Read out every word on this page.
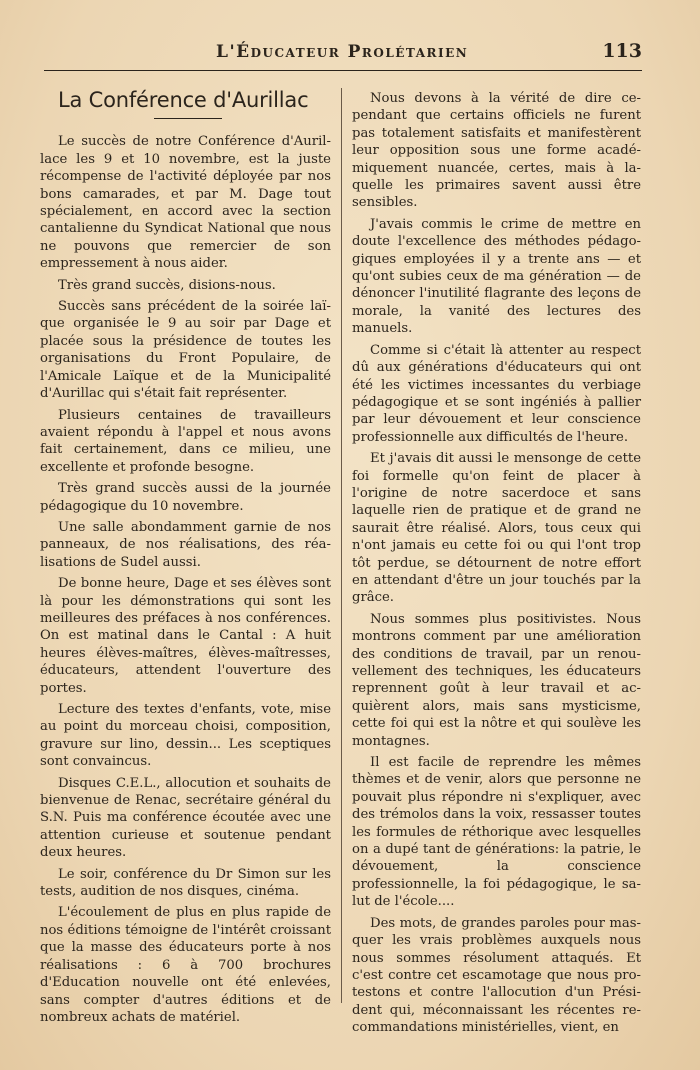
L'Éducateur Prolétarien	113
La Conférence d'Aurillac

Le succès de notre Conférence d'Aurillace les 9 et 10 novembre, est la juste récompense de l'activité déployée par nos bons camarades, et par M. Dage tout spécialement, en accord avec la section cantalienne du Syndicat National que nous ne pouvons que remercier de son empressement à nous aider.

Très grand succès, disions-nous.

Succès sans précédent de la soirée laïque organisée le 9 au soir par Dage et placée sous la présidence de toutes les organisations du Front Populaire, de l'Amicale Laïque et de la Municipalité d'Aurillac qui s'était fait représenter.

Plusieurs centaines de travailleurs avaient répondu à l'appel et nous avons fait certainement, dans ce milieu, une excellente et profonde besogne.

Très grand succès aussi de la journée pédagogique du 10 novembre.

Une salle abondamment garnie de nos panneaux, de nos réalisations, des réalisations de Sudel aussi.

De bonne heure, Dage et ses élèves sont là pour les démonstrations qui sont les meilleures des préfaces à nos conférences. On est matinal dans le Cantal : A huit heures élèves-maîtres, élèves-maîtresses, éducateurs, attendent l'ouverture des portes.

Lecture des textes d'enfants, vote, mise au point du morceau choisi, composition, gravure sur lino, dessin... Les sceptiques sont convaincus.

Disques C.E.L., allocution et souhaits de bienvenue de Renac, secrétaire général du S.N. Puis ma conférence écoutée avec une attention curieuse et soutenue pendant deux heures.

Le soir, conférence du Dr Simon sur les tests, audition de nos disques, cinéma.

L'écoulement de plus en plus rapide de nos éditions témoigne de l'intérêt croissant que la masse des éducateurs porte à nos réalisations : 6 à 700 brochures d'Education nouvelle ont été enlevées, sans compter d'autres éditions et de nombreux achats de matériel.

Nous devons à la vérité de dire cependant que certains officiels ne furent pas totalement satisfaits et manifestèrent leur opposition sous une forme académiquement nuancée, certes, mais à laquelle les primaires savent aussi être sensibles.

J'avais commis le crime de mettre en doute l'excellence des méthodes pédagogiques employées il y a trente ans — et qu'ont subies ceux de ma génération — de dénoncer l'inutilité flagrante des leçons de morale, la vanité des lectures des manuels.

Comme si c'était là attenter au respect dû aux générations d'éducateurs qui ont été les victimes incessantes du verbiage pédagogique et se sont ingéniés à pallier par leur dévouement et leur conscience professionnelle aux difficultés de l'heure.

Et j'avais dit aussi le mensonge de cette foi formelle qu'on feint de placer à l'origine de notre sacerdoce et sans laquelle rien de pratique et de grand ne saurait être réalisé. Alors, tous ceux qui n'ont jamais eu cette foi ou qui l'ont trop tôt perdue, se détournent de notre effort en attendant d'être un jour touchés par la grâce.

Nous sommes plus positivistes. Nous montrons comment par une amélioration des conditions de travail, par un renouvellement des techniques, les éducateurs reprennent goût à leur travail et acquièrent alors, mais sans mysticisme, cette foi qui est la nôtre et qui soulève les montagnes.

Il est facile de reprendre les mêmes thèmes et de venir, alors que personne ne pouvait plus répondre ni s'expliquer, avec des trémolos dans la voix, ressasser toutes les formules de réthorique avec lesquelles on a dupé tant de générations: la patrie, le dévouement, la conscience professionnelle, la foi pédagogique, le salut de l'école....

Des mots, de grandes paroles pour masquer les vrais problèmes auxquels nous nous sommes résolument attaqués. Et c'est contre cet escamotage que nous protestons et contre l'allocution d'un Président qui, méconnaissant les récentes recommandations ministérielles, vient, en
